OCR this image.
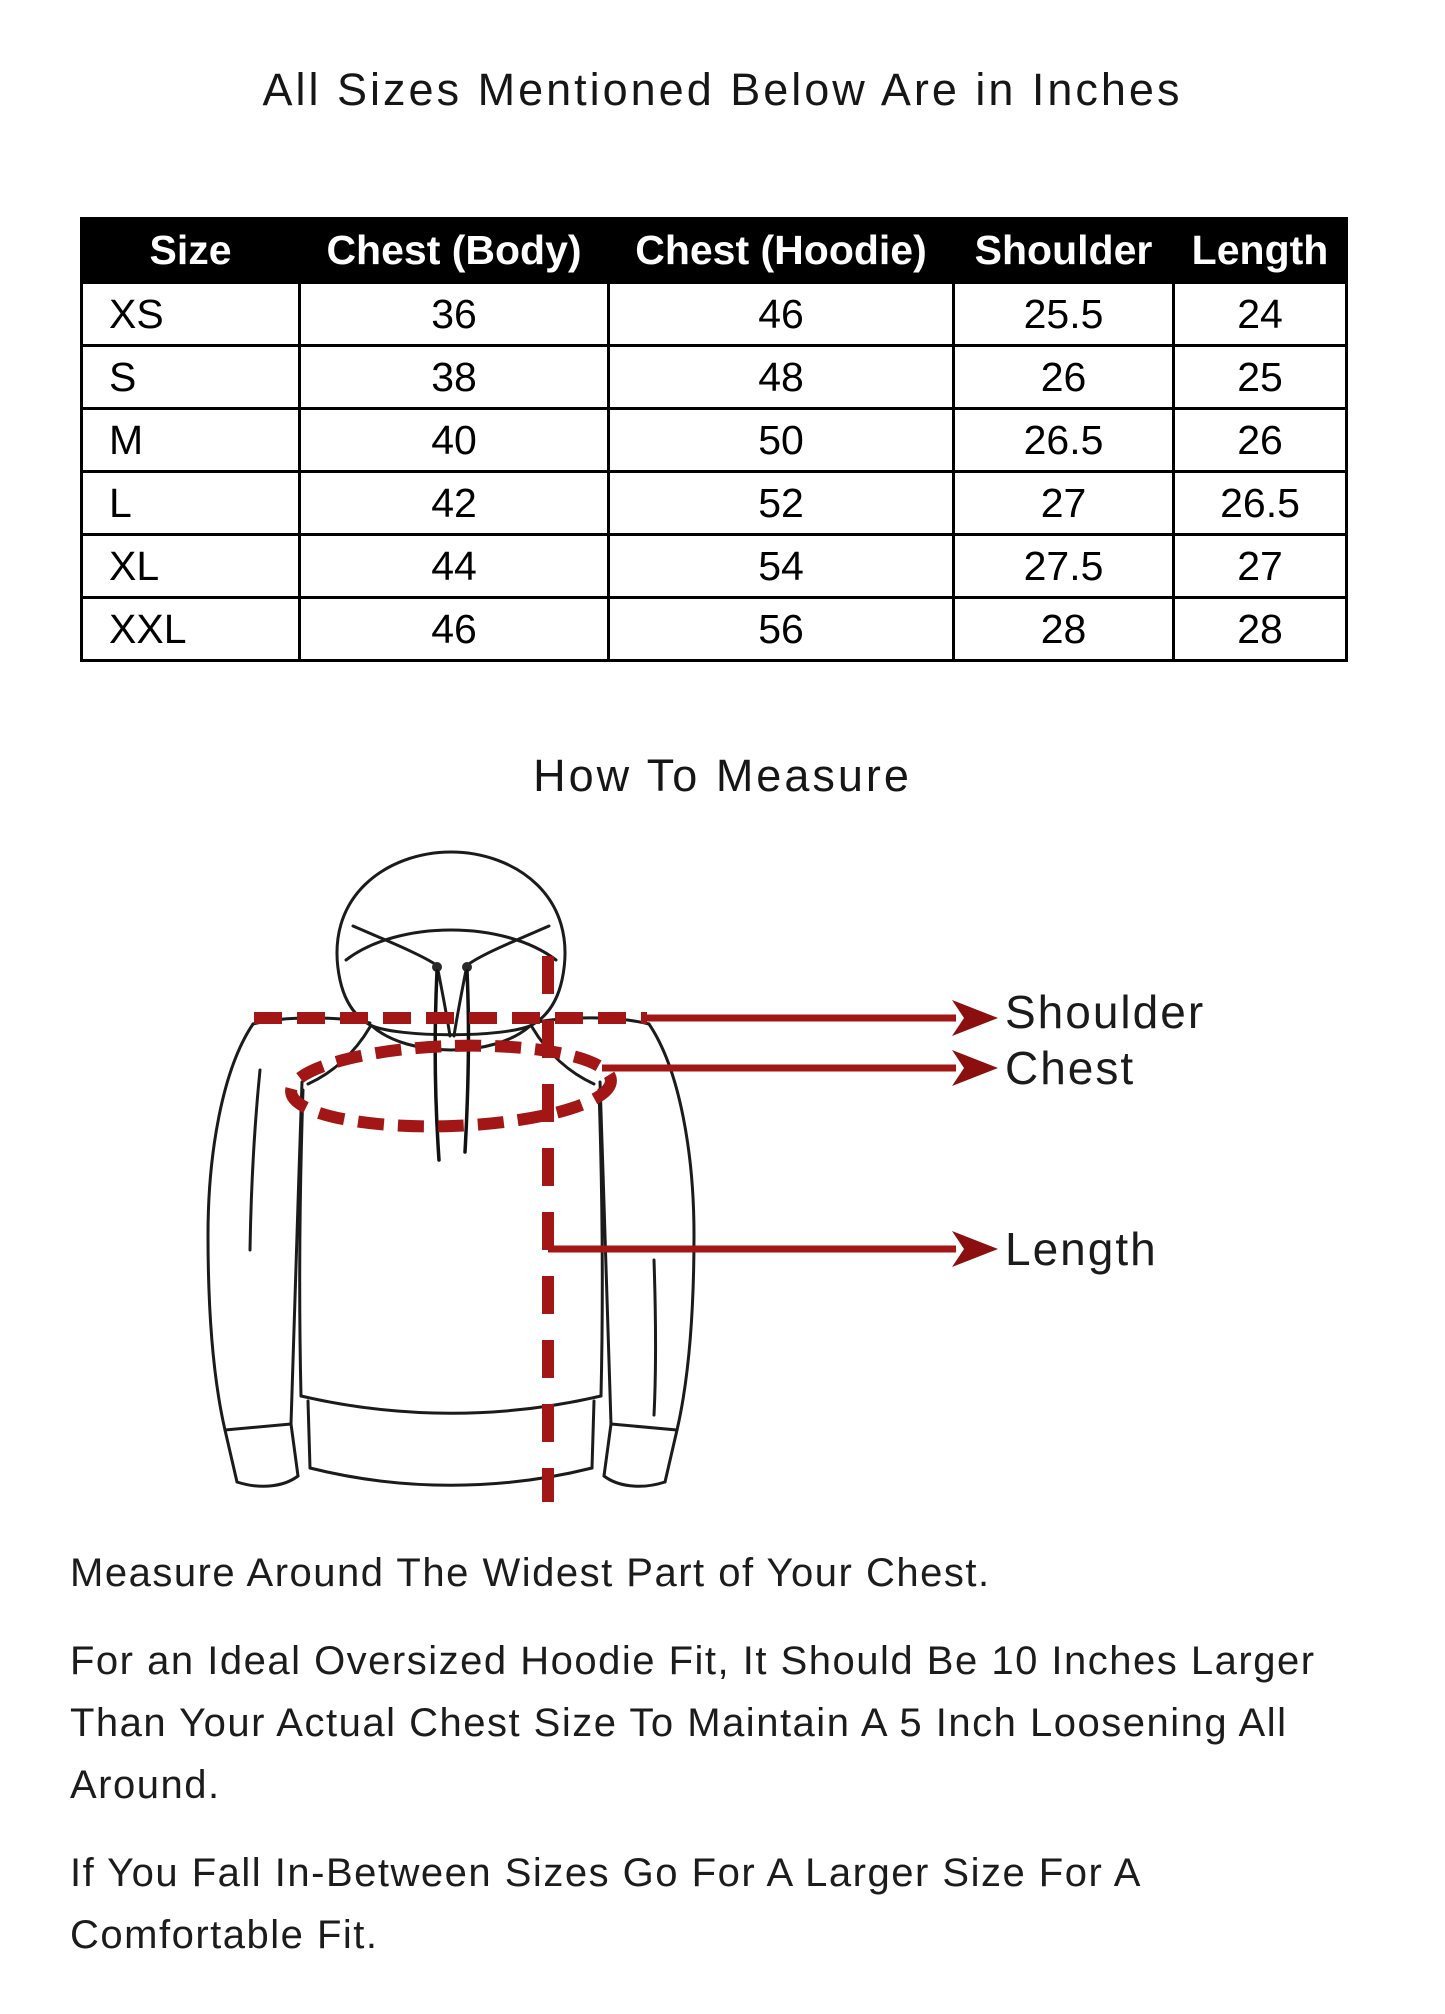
All Sizes Mentioned Below Are in Inches
Size	Chest (Body)	Chest (Hoodie)	Shoulder	Length
XS	36	46	25.5	24
S	38	48	26	25
M	40	50	26.5	26
L	42	52	27	26.5
XL	44	54	27.5	27
XXL	46	56	28	28
How To Measure
Shoulder
Chest
Length

Measure Around The Widest Part of Your Chest.

For an Ideal Oversized Hoodie Fit, It Should Be 10 Inches Larger
Than Your Actual Chest Size To Maintain A 5 Inch Loosening All
Around.

If You Fall In-Between Sizes Go For A Larger Size For A
Comfortable Fit.
